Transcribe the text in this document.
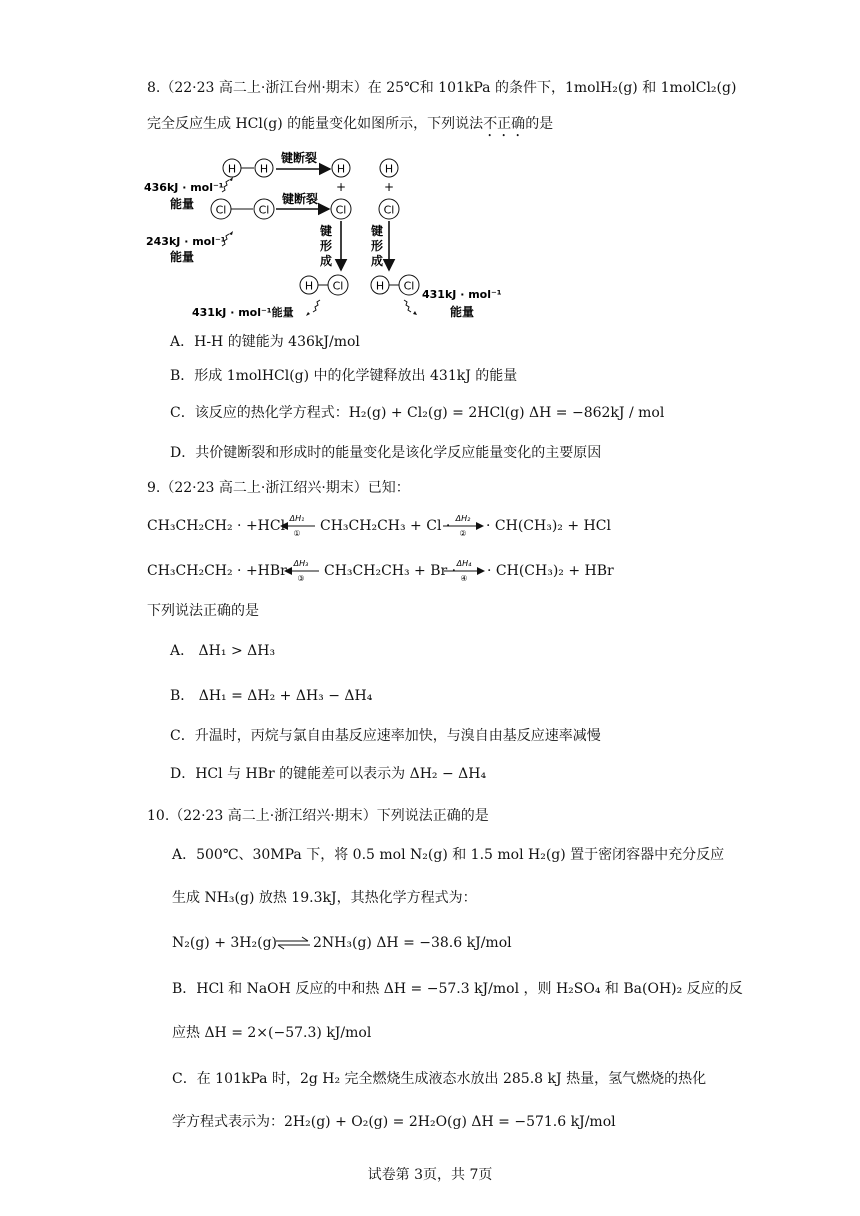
8.（22·23 高二上·浙江台州·期末）在 25℃和 101kPa 的条件下，1molH₂(g) 和 1molCl₂(g)
完全反应生成 HCl(g) 的能量变化如图所示，下列说法不正确的是
H H
键断裂
H
+
H
+
436kJ · mol⁻¹
能量 Cl	Cl
键断裂
Cl	Cl
243kJ · mol⁻¹
能量
键形成
键形成
H Cl	H Cl
431kJ · mol⁻¹能量
431kJ · mol⁻¹
能量
A．H-H 的键能为 436kJ/mol
B．形成 1molHCl(g) 中的化学键释放出 431kJ 的能量
C．该反应的热化学方程式：H₂(g) + Cl₂(g) = 2HCl(g) ΔH = −862kJ / mol
D．共价键断裂和形成时的能量变化是该化学反应能量变化的主要原因
9.（22·23 高二上·浙江绍兴·期末）已知：
CH₃CH₂CH₂ · +HCl ΔH₁
① CH₃CH₂CH₃ + Cl · ΔH₂
② · CH(CH₃)₂ + HCl
CH₃CH₂CH₂ · +HBr ΔH₃
③ CH₃CH₂CH₃ + Br · ΔH₄
④ · CH(CH₃)₂ + HBr
下列说法正确的是
A． ΔH₁ > ΔH₃
B． ΔH₁ = ΔH₂ + ΔH₃ − ΔH₄
C．升温时，丙烷与氯自由基反应速率加快，与溴自由基反应速率减慢
D．HCl 与 HBr 的键能差可以表示为 ΔH₂ − ΔH₄
10.（22·23 高二上·浙江绍兴·期末）下列说法正确的是
A．500℃、30MPa 下，将 0.5 mol N₂(g) 和 1.5 mol H₂(g) 置于密闭容器中充分反应
生成 NH₃(g) 放热 19.3kJ，其热化学方程式为：
N₂(g) + 3H₂(g)	2NH₃(g) ΔH = −38.6 kJ/mol
B．HCl 和 NaOH 反应的中和热 ΔH = −57.3 kJ/mol ，则 H₂SO₄ 和 Ba(OH)₂ 反应的反
应热 ΔH = 2×(−57.3) kJ/mol
C．在 101kPa 时，2g H₂ 完全燃烧生成液态水放出 285.8 kJ 热量，氢气燃烧的热化
学方程式表示为：2H₂(g) + O₂(g) = 2H₂O(g) ΔH = −571.6 kJ/mol
试卷第 3页，共 7页
